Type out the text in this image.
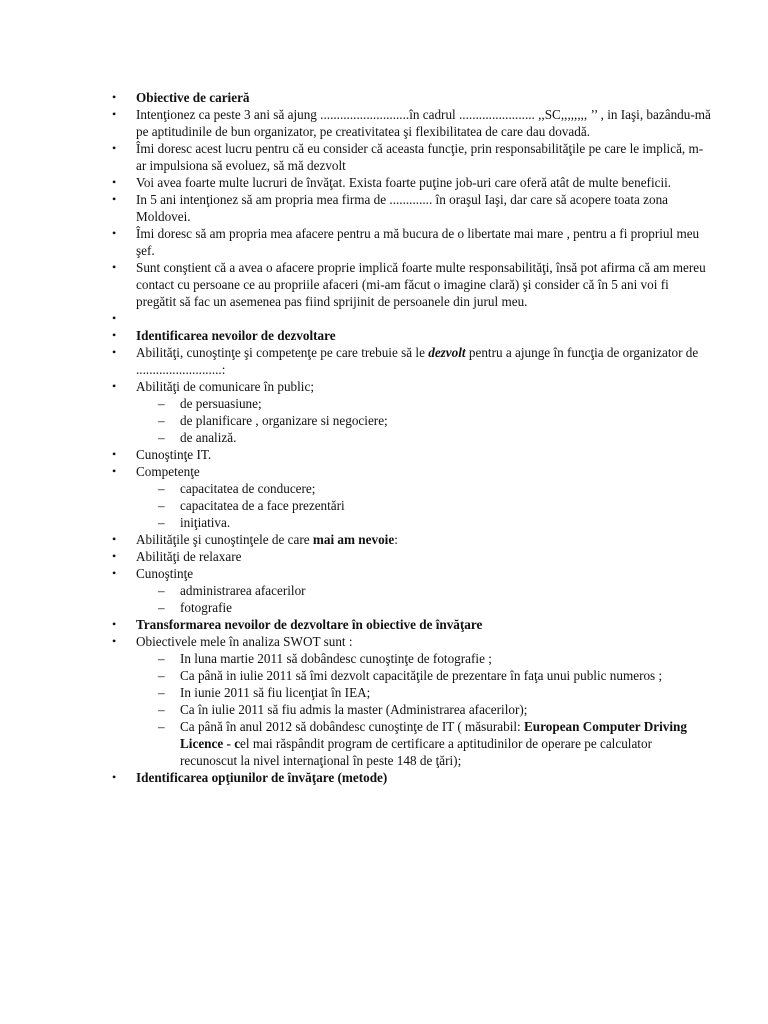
•	Obiective de carieră
•	Intenţionez ca peste 3 ani să ajung ...........................în cadrul ....................... ,,SC,,,,,,,, ’’ , in Iaşi, bazându-mă pe aptitudinile de bun organizator, pe creativitatea şi flexibilitatea de care dau dovadă.
•	Îmi doresc acest lucru pentru că eu consider că aceasta funcţie, prin responsabilităţile pe care le implică, m-ar impulsiona să evoluez, să mă dezvolt
•	Voi avea foarte multe lucruri de învăţat. Exista foarte puţine job-uri care oferă atât de multe beneficii.
•	In 5 ani intenţionez să am propria mea firma de ............. în oraşul Iaşi, dar care să acopere toata zona Moldovei.
•	Îmi doresc să am propria mea afacere pentru a mă bucura de o libertate mai mare , pentru a fi propriul meu şef.
•	Sunt conştient că a avea o afacere proprie implică foarte multe responsabilităţi, însă pot afirma că am mereu contact cu persoane ce au propriile afaceri (mi-am făcut o imagine clară) şi consider că în 5 ani voi fi pregătit să fac un asemenea pas fiind sprijinit de persoanele din jurul meu.
•

•	Identificarea nevoilor de dezvoltare
•	Abilităţi, cunoştinţe şi competenţe pe care trebuie să le dezvolt pentru a ajunge în funcţia de organizator de ..........................:
•	Abilităţi de comunicare în public;
–	de persuasiune;
–	de planificare , organizare si negociere;
–	de analiză.
•	Cunoştinţe IT.
•	Competenţe
–	capacitatea de conducere;
–	capacitatea de a face prezentări
–	iniţiativa.
•	Abilităţile şi cunoştinţele de care mai am nevoie:
•	Abilităţi de relaxare
•	Cunoştinţe
–	administrarea afacerilor
–	fotografie
•	Transformarea nevoilor de dezvoltare în obiective de învăţare
•	Obiectivele mele în analiza SWOT sunt :
–	In luna martie 2011 să dobândesc cunoştinţe de fotografie ;
–	Ca până in iulie 2011 să îmi dezvolt capacităţile de prezentare în faţa unui public numeros ;
–	In iunie 2011 să fiu licenţiat în IEA;
–	Ca în iulie 2011 să fiu admis la master (Administrarea afacerilor);
–	Ca până în anul 2012 să dobândesc cunoştinţe de IT ( măsurabil: European Computer Driving Licence - cel mai răspândit program de certificare a aptitudinilor de operare pe calculator recunoscut la nivel internaţional în peste 148 de ţări);
•	Identificarea opţiunilor de învăţare (metode)
